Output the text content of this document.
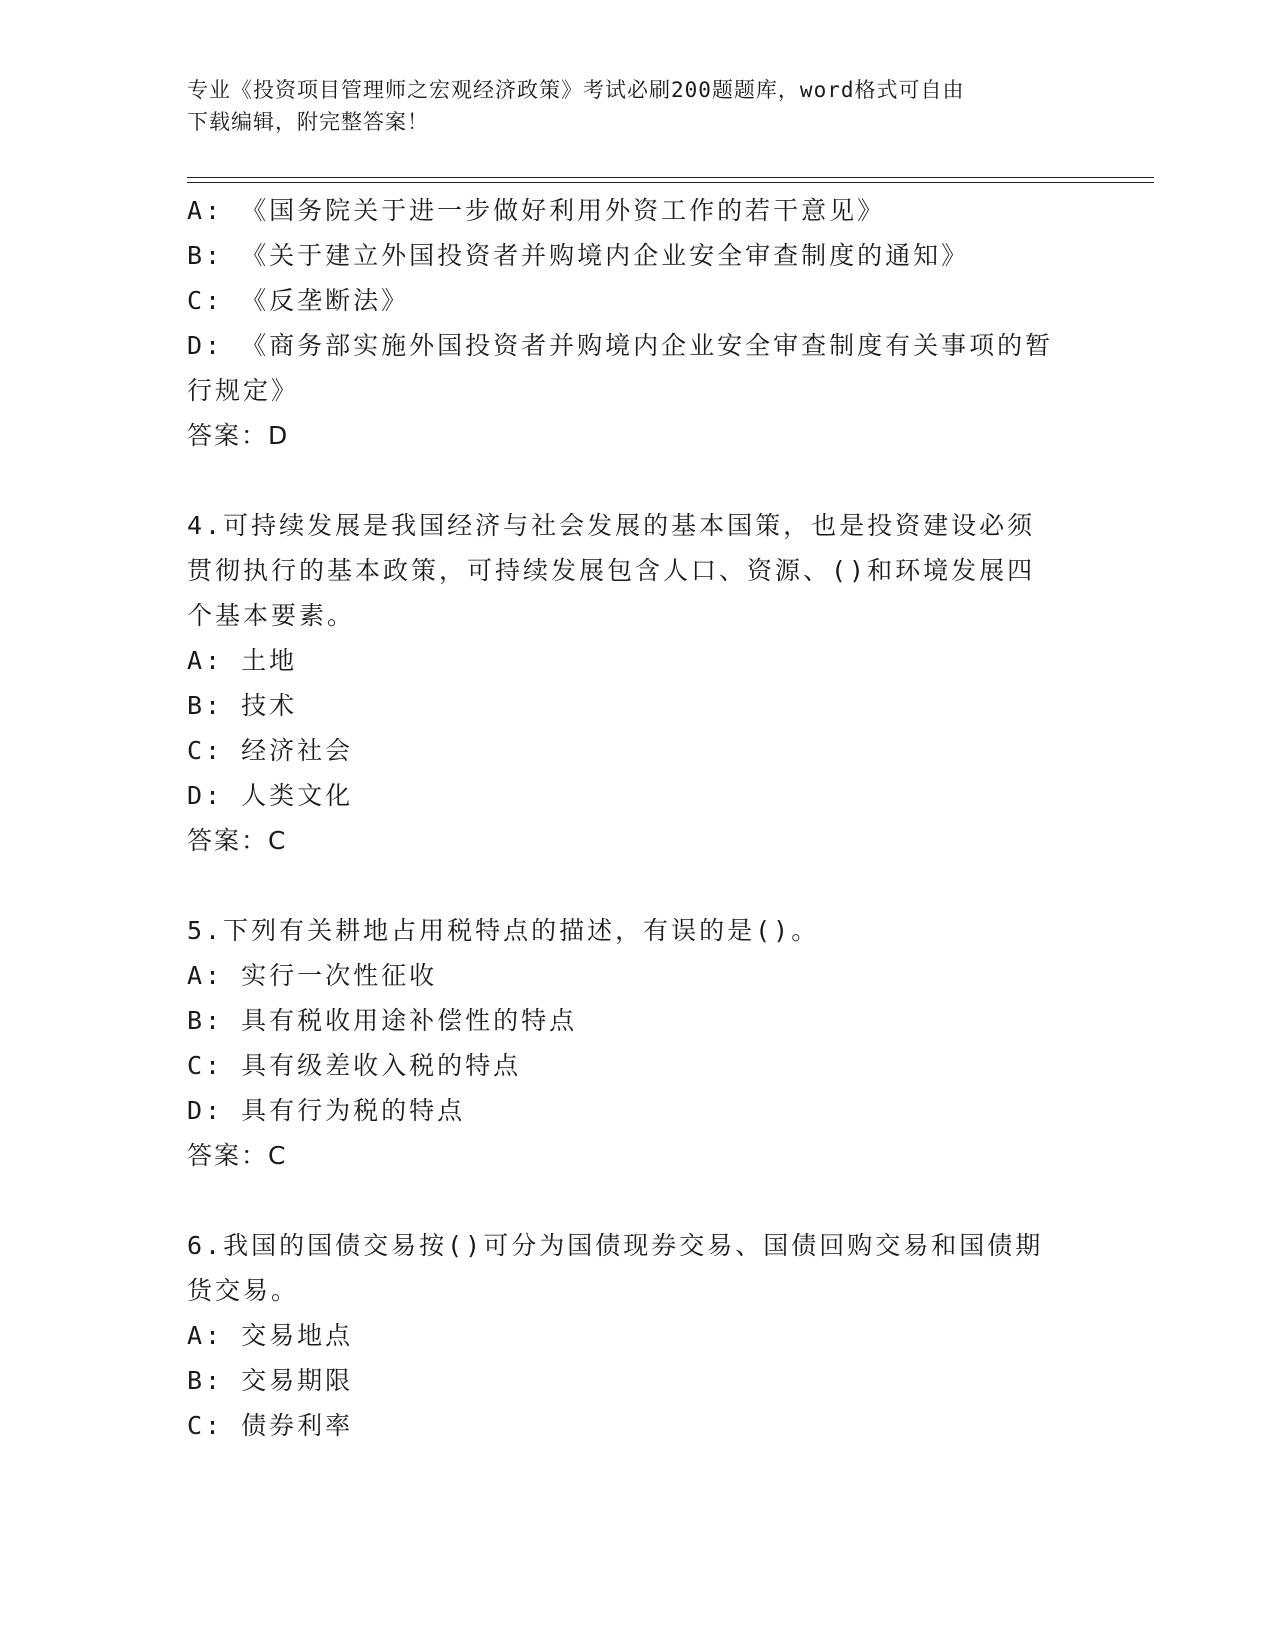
专业《投资项目管理师之宏观经济政策》考试必刷200题题库，word格式可自由
下载编辑，附完整答案！
A: 《国务院关于进一步做好利用外资工作的若干意见》
B: 《关于建立外国投资者并购境内企业安全审查制度的通知》
C: 《反垄断法》
D: 《商务部实施外国投资者并购境内企业安全审查制度有关事项的暂
行规定》
答案：D
4.可持续发展是我国经济与社会发展的基本国策，也是投资建设必须
贯彻执行的基本政策，可持续发展包含人口、资源、()和环境发展四
个基本要素。
A: 土地
B: 技术
C: 经济社会
D: 人类文化
答案：C
5.下列有关耕地占用税特点的描述，有误的是()。
A: 实行一次性征收
B: 具有税收用途补偿性的特点
C: 具有级差收入税的特点
D: 具有行为税的特点
答案：C
6.我国的国债交易按()可分为国债现券交易、国债回购交易和国债期
货交易。
A: 交易地点
B: 交易期限
C: 债券利率
